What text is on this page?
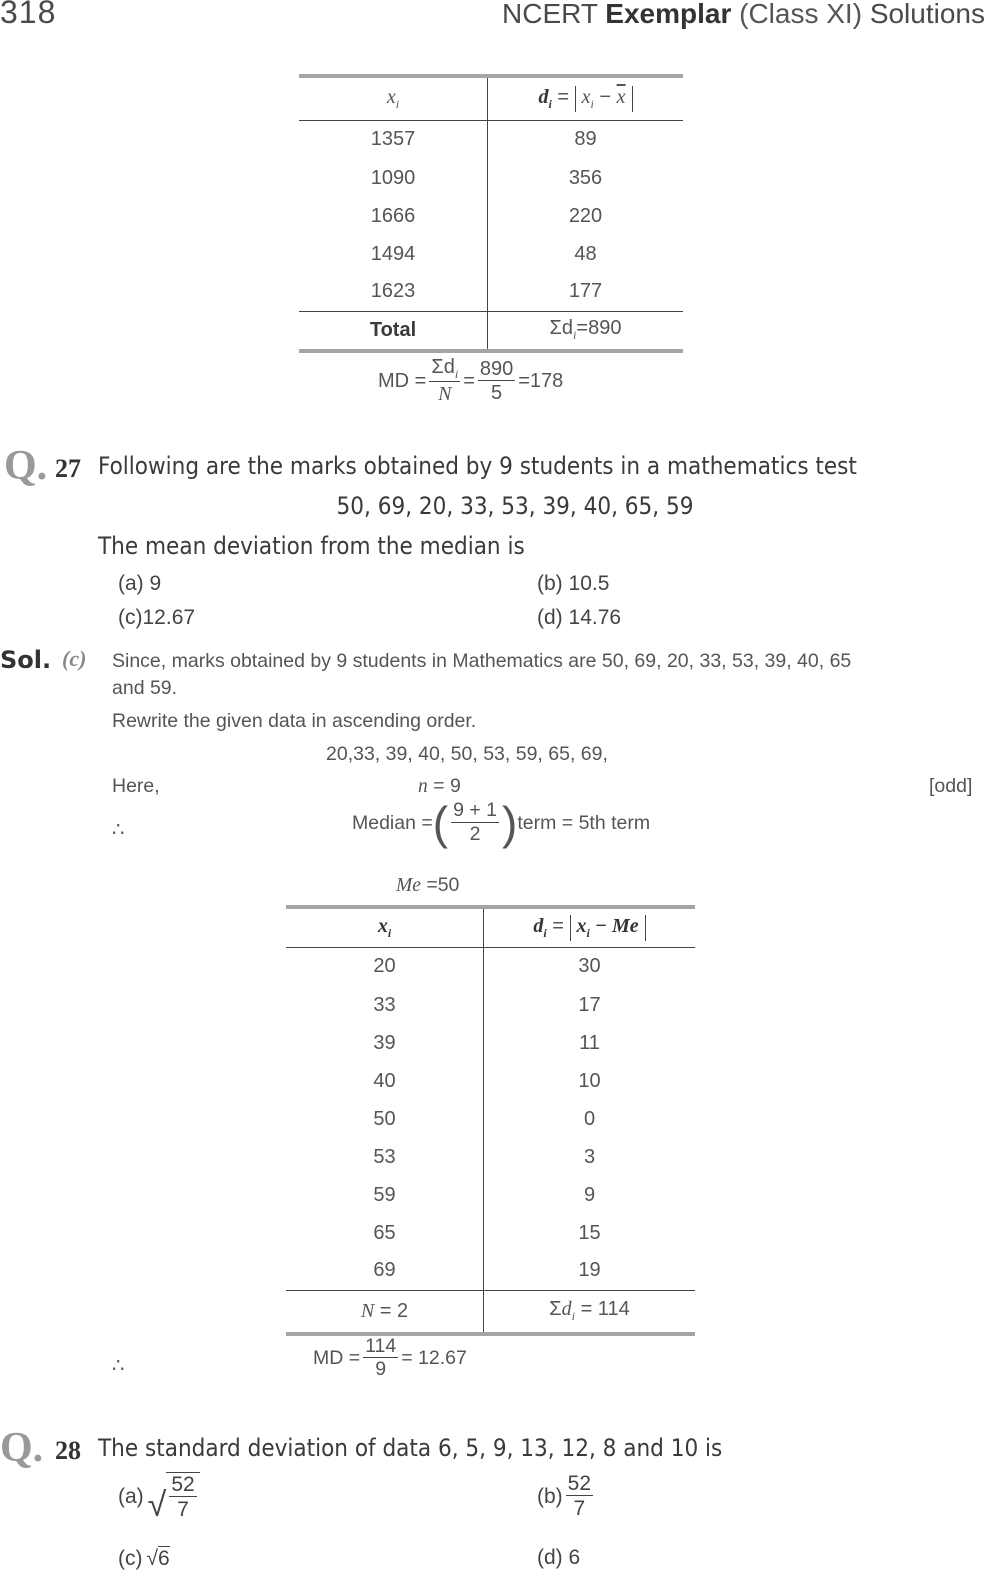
318	NCERT Exemplar (Class XI) Solutions
$x_i$	$d_i = x_i - \overline{x}$
1357	89
1090	356
1666	220
1494	48
1623	177
Total	$\Sigma d_i=890$
MD = $\frac{\Sigma d_i}{N} = \frac{890}{5} =178$
Q. 27 Following are the marks obtained by 9 students in a mathematics test
50, 69, 20, 33, 53, 39, 40, 65, 59
The mean deviation from the median is
(a) 9	(b) 10.5
(c)12.67	(d) 14.76
Sol. (c) Since, marks obtained by 9 students in Mathematics are 50, 69, 20, 33, 53, 39, 40, 65
and 59.
Rewrite the given data in ascending order.
20,33, 39, 40, 50, 53, 59, 65, 69,
Here,	n = 9	[odd]
∴	Median = ( $\frac{9 + 1}{2}$ ) term = 5th term
Me =50
$x_i$	$d_i = x_i - Me$
20	30
33	17
39	11
40	10
50	0
53	3
59	9
65	15
69	19
N = 2	$\Sigma d_i = 114$
∴	MD = $\frac{114}{9} = 12.67$
Q. 28 The standard deviation of data 6, 5, 9, 13, 12, 8 and 10 is
(a) √ $\frac{52}{7}$	$(b) \frac{52}{7}$
(c) √ 6	(d) 6
